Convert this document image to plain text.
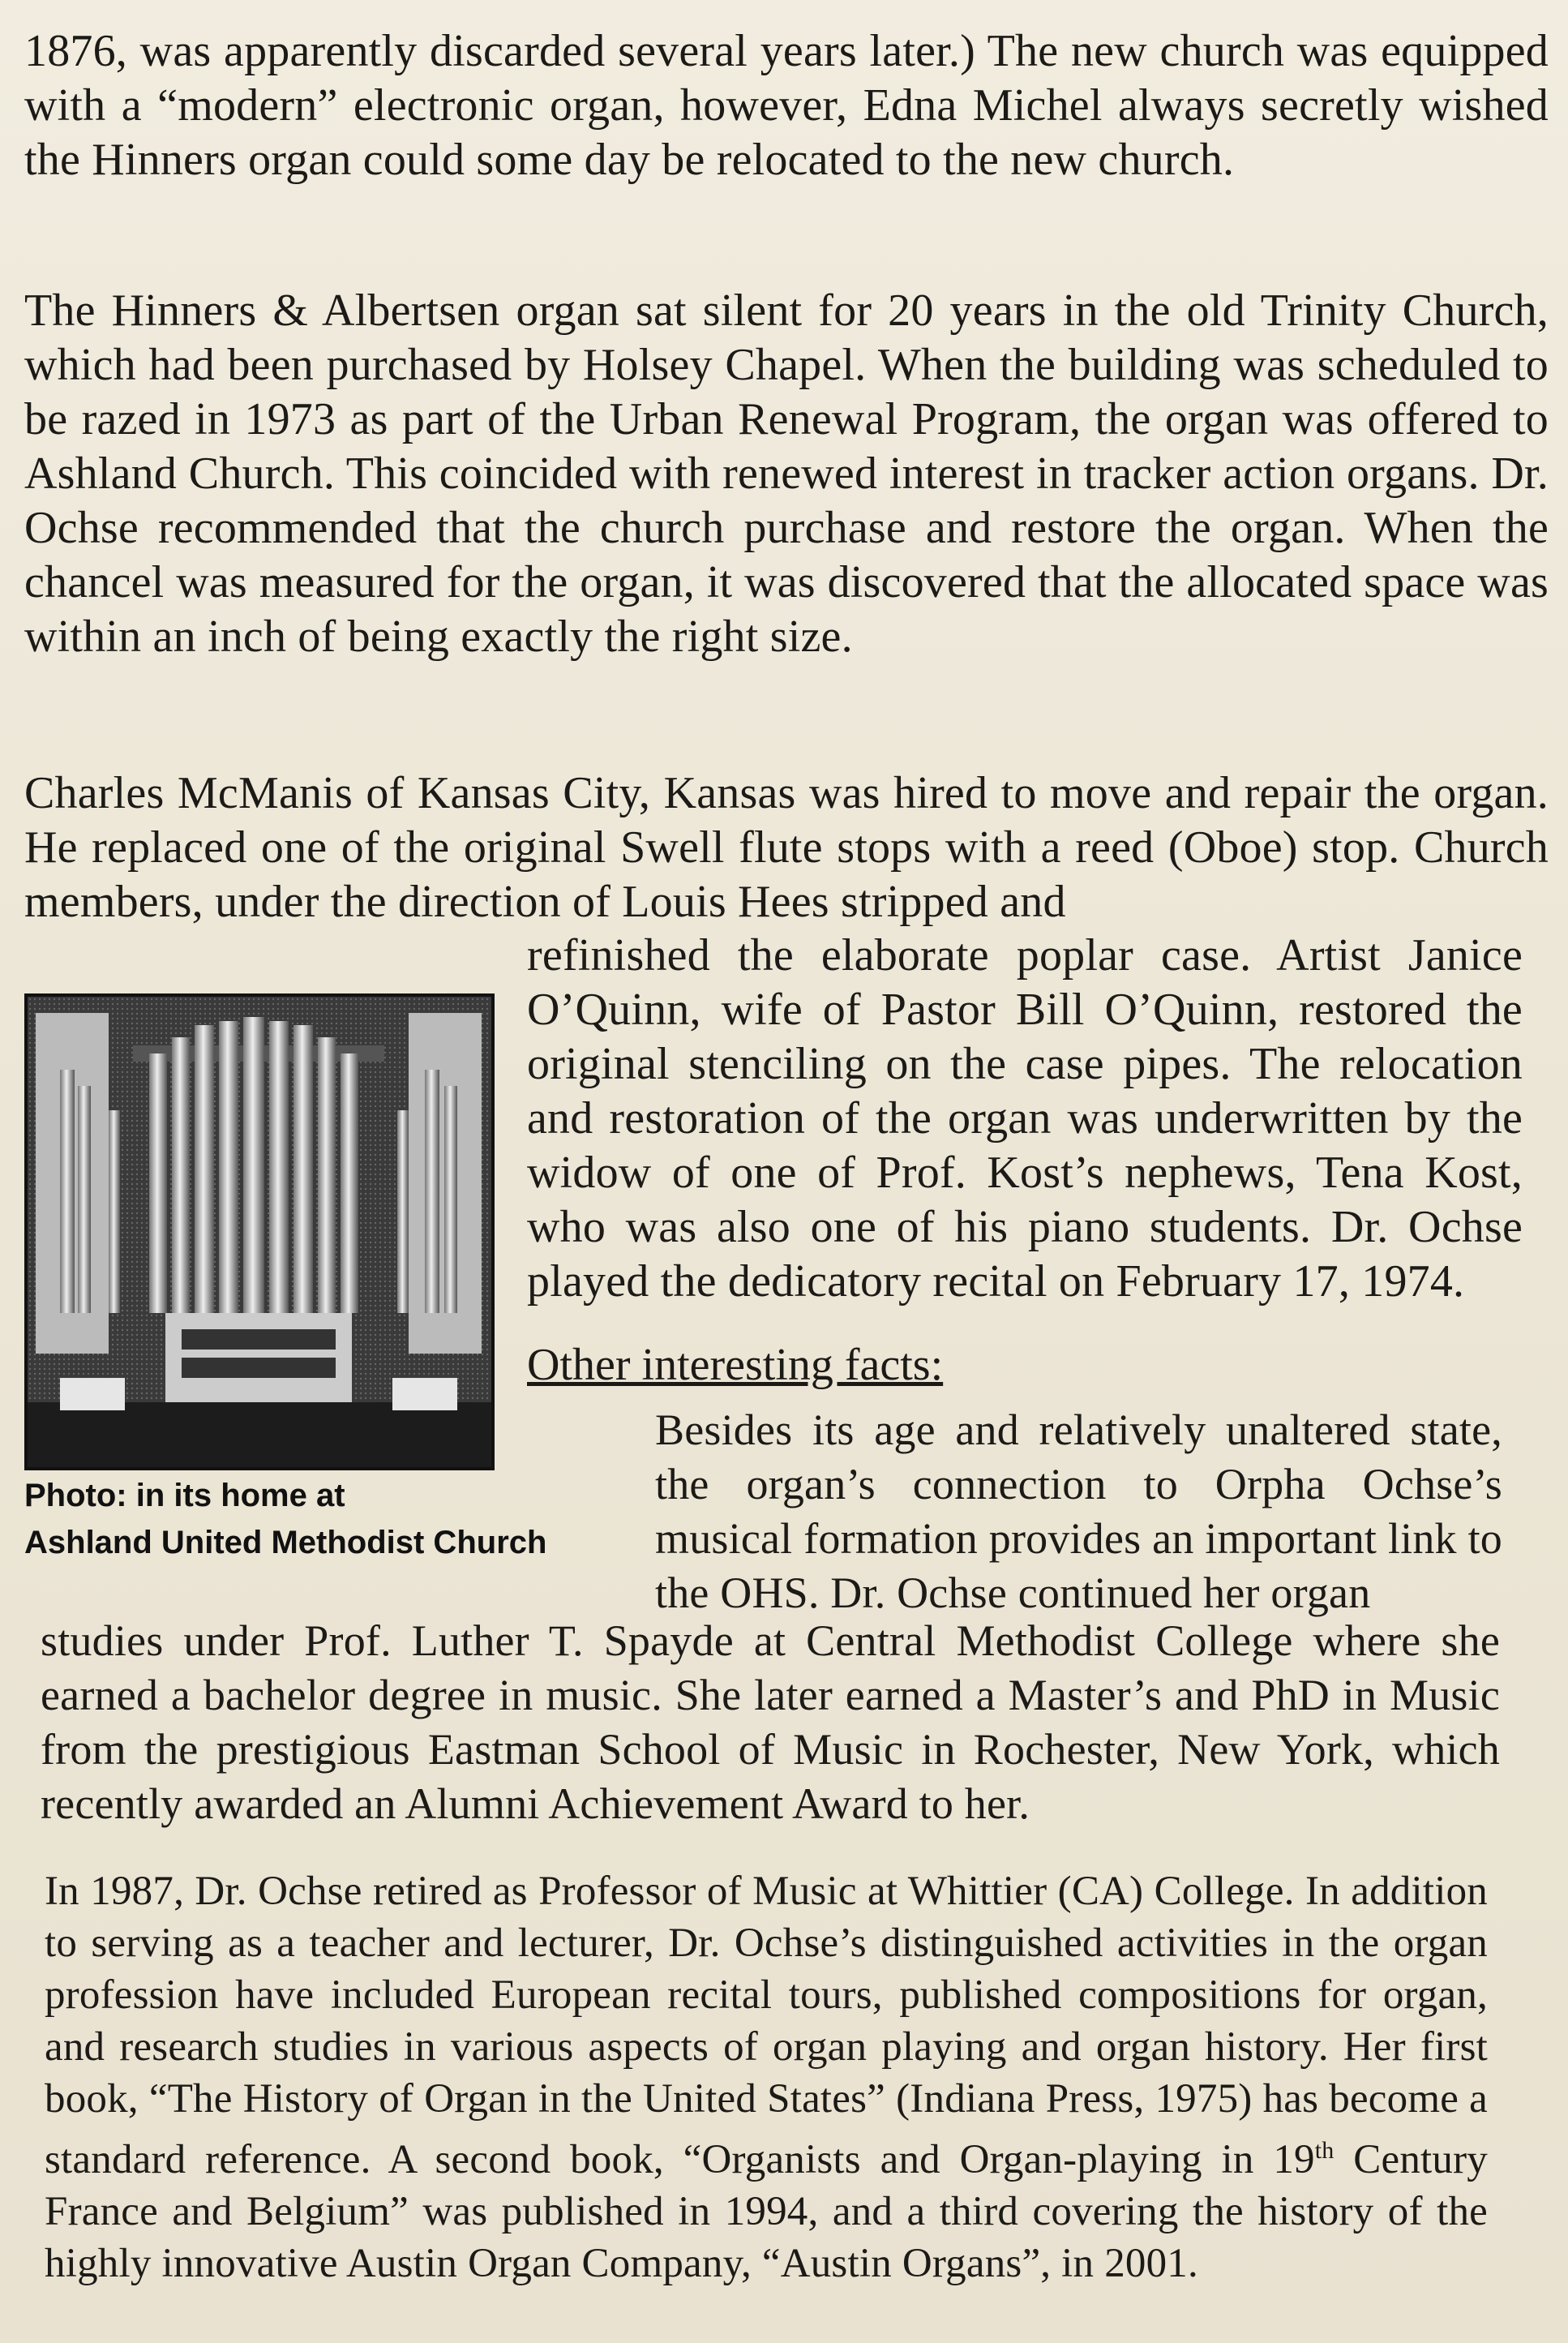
1876, was apparently discarded several years later.) The new church was equipped with a “modern” electronic organ, however, Edna Michel always secretly wished the Hinners organ could some day be relocated to the new church.

The Hinners & Albertsen organ sat silent for 20 years in the old Trinity Church, which had been purchased by Holsey Chapel. When the building was scheduled to be razed in 1973 as part of the Urban Renewal Program, the organ was offered to Ashland Church. This coincided with renewed interest in tracker action organs. Dr. Ochse recommended that the church purchase and restore the organ. When the chancel was measured for the organ, it was discovered that the allocated space was within an inch of being exactly the right size.

Charles McManis of Kansas City, Kansas was hired to move and repair the organ. He replaced one of the original Swell flute stops with a reed (Oboe) stop. Church members, under the direction of Louis Hees stripped and

Photo: in its home at
Ashland United Methodist Church

refinished the elaborate poplar case. Artist Janice O’Quinn, wife of Pastor Bill O’Quinn, restored the original stenciling on the case pipes. The relocation and restoration of the organ was underwritten by the widow of one of Prof. Kost’s nephews, Tena Kost, who was also one of his piano students. Dr. Ochse played the dedicatory recital on February 17, 1974.

Other interesting facts:

Besides its age and relatively unaltered state, the organ’s connection to Orpha Ochse’s musical formation provides an important link to the OHS. Dr. Ochse continued her organ

studies under Prof. Luther T. Spayde at Central Methodist College where she earned a bachelor degree in music. She later earned a Master’s and PhD in Music from the prestigious Eastman School of Music in Rochester, New York, which recently awarded an Alumni Achievement Award to her.

In 1987, Dr. Ochse retired as Professor of Music at Whittier (CA) College. In addition to serving as a teacher and lecturer, Dr. Ochse’s distinguished activities in the organ profession have included European recital tours, published compositions for organ, and research studies in various aspects of organ playing and organ history. Her first book, “The History of Organ in the United States” (Indiana Press, 1975) has become a standard reference. A second book, “Organists and Organ-playing in 19th Century France and Belgium” was published in 1994, and a third covering the history of the highly innovative Austin Organ Company, “Austin Organs”, in 2001.
